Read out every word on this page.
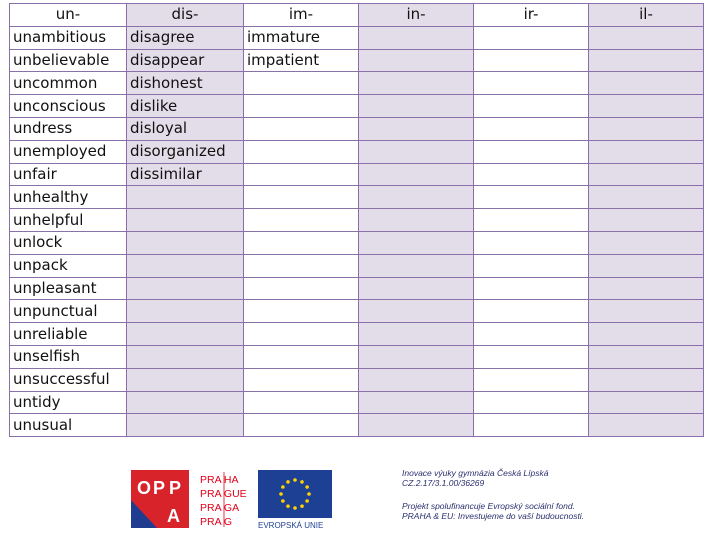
un-	dis-	im-	in-	ir-	il-
unambitious	disagree	immature			
unbelievable	disappear	impatient			
uncommon	dishonest				
unconscious	dislike				
undress	disloyal				
unemployed	disorganized				
unfair	dissimilar				
unhealthy					
unhelpful					
unlock					
unpack					
unpleasant					
unpunctual					
unreliable					
unselfish					
unsuccessful					
untidy					
unusual					
O P P
A
PRA HA
PRA GUE
PRA GA
PRA G	EVROPSKÁ UNIE

Inovace výuky gymnázia Česká Lípská

CZ.2.17/3.1.00/36269

Projekt spolufinancuje Evropský sociální fond.

PRAHA & EU: Investujeme do vaší budoucnosti.
